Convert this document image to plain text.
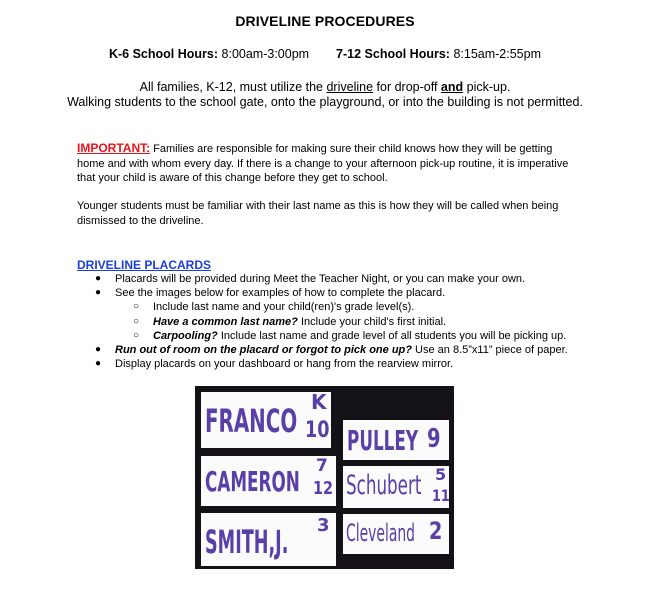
DRIVELINE PROCEDURES
K-6 School Hours: 8:00am-3:00pm 7-12 School Hours: 8:15am-2:55pm
All families, K-12, must utilize the driveline for drop-off and pick-up.
Walking students to the school gate, onto the playground, or into the building is not permitted.
IMPORTANT: Families are responsible for making sure their child knows how they will be getting home and with whom every day. If there is a change to your afternoon pick-up routine, it is imperative that your child is aware of this change before they get to school.
Younger students must be familiar with their last name as this is how they will be called when being dismissed to the driveline.
DRIVELINE PLACARDS
● Placards will be provided during Meet the Teacher Night, or you can make your own.
● See the images below for examples of how to complete the placard.
○ Include last name and your child(ren)'s grade level(s).
○ Have a common last name? Include your child's first initial.
○ Carpooling? Include last name and grade level of all students you will be picking up.
● Run out of room on the placard or forgot to pick one up? Use an 8.5”x11” piece of paper.
● Display placards on your dashboard or hang from the rearview mirror.
FRANCO K
10
CAMERON 7
12
SMITH,J. 3
PULLEY 9
Schubert 5
11
Cleveland 2
